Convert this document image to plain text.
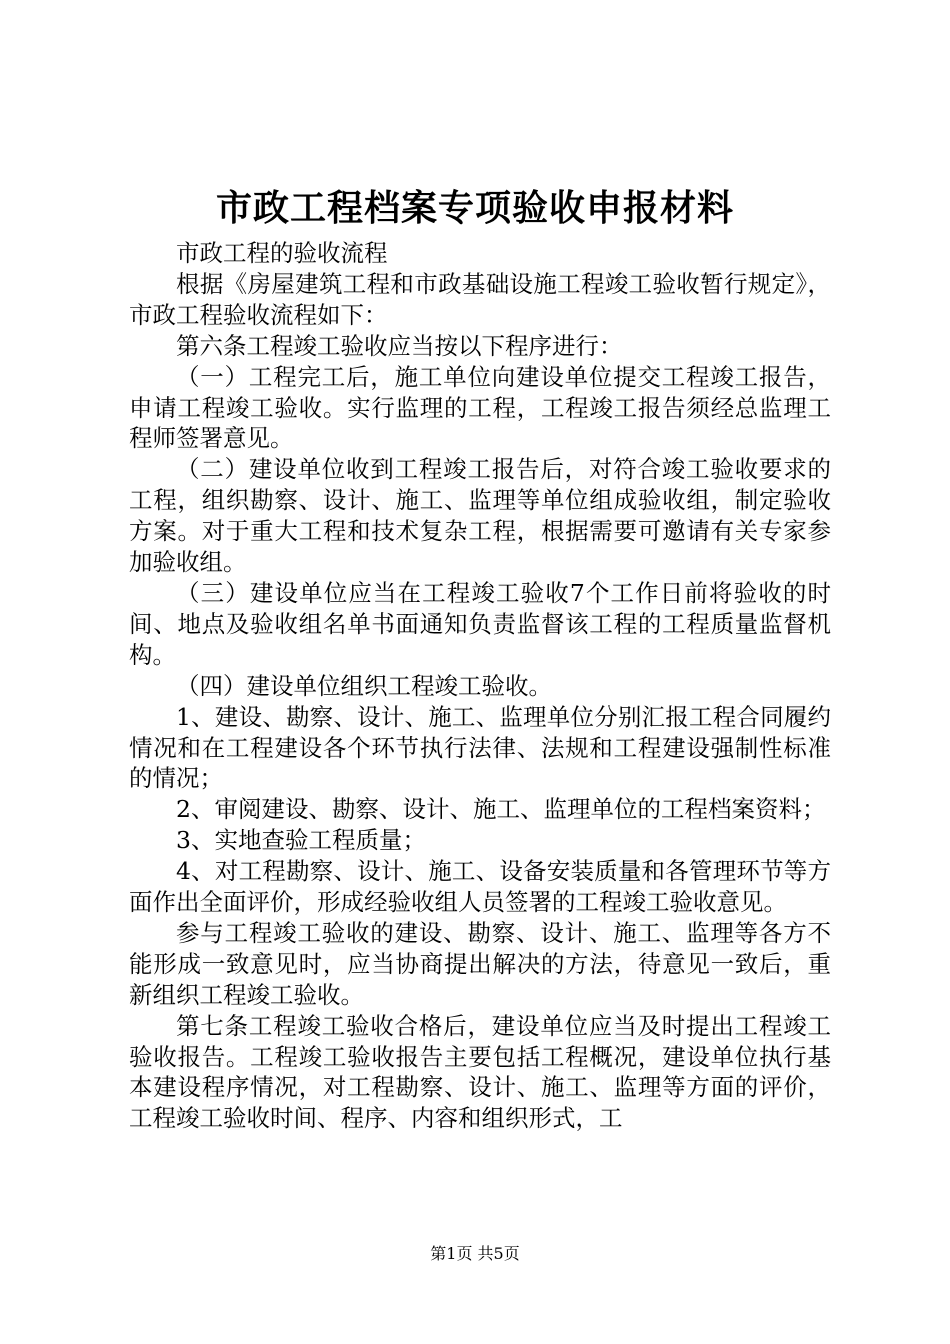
市政工程档案专项验收申报材料

市政工程的验收流程

根据《房屋建筑工程和市政基础设施工程竣工验收暂行规定》，市政工程验收流程如下：

第六条工程竣工验收应当按以下程序进行：

（一）工程完工后，施工单位向建设单位提交工程竣工报告，申请工程竣工验收。实行监理的工程，工程竣工报告须经总监理工程师签署意见。

（二）建设单位收到工程竣工报告后，对符合竣工验收要求的工程，组织勘察、设计、施工、监理等单位组成验收组，制定验收方案。对于重大工程和技术复杂工程，根据需要可邀请有关专家参加验收组。

（三）建设单位应当在工程竣工验收7个工作日前将验收的时间、地点及验收组名单书面通知负责监督该工程的工程质量监督机构。

（四）建设单位组织工程竣工验收。

1、建设、勘察、设计、施工、监理单位分别汇报工程合同履约情况和在工程建设各个环节执行法律、法规和工程建设强制性标准的情况；

2、审阅建设、勘察、设计、施工、监理单位的工程档案资料；

3、实地查验工程质量；

4、对工程勘察、设计、施工、设备安装质量和各管理环节等方面作出全面评价，形成经验收组人员签署的工程竣工验收意见。

参与工程竣工验收的建设、勘察、设计、施工、监理等各方不能形成一致意见时，应当协商提出解决的方法，待意见一致后，重新组织工程竣工验收。

第七条工程竣工验收合格后，建设单位应当及时提出工程竣工验收报告。工程竣工验收报告主要包括工程概况，建设单位执行基本建设程序情况，对工程勘察、设计、施工、监理等方面的评价，工程竣工验收时间、程序、内容和组织形式，工

第1页 共5页
